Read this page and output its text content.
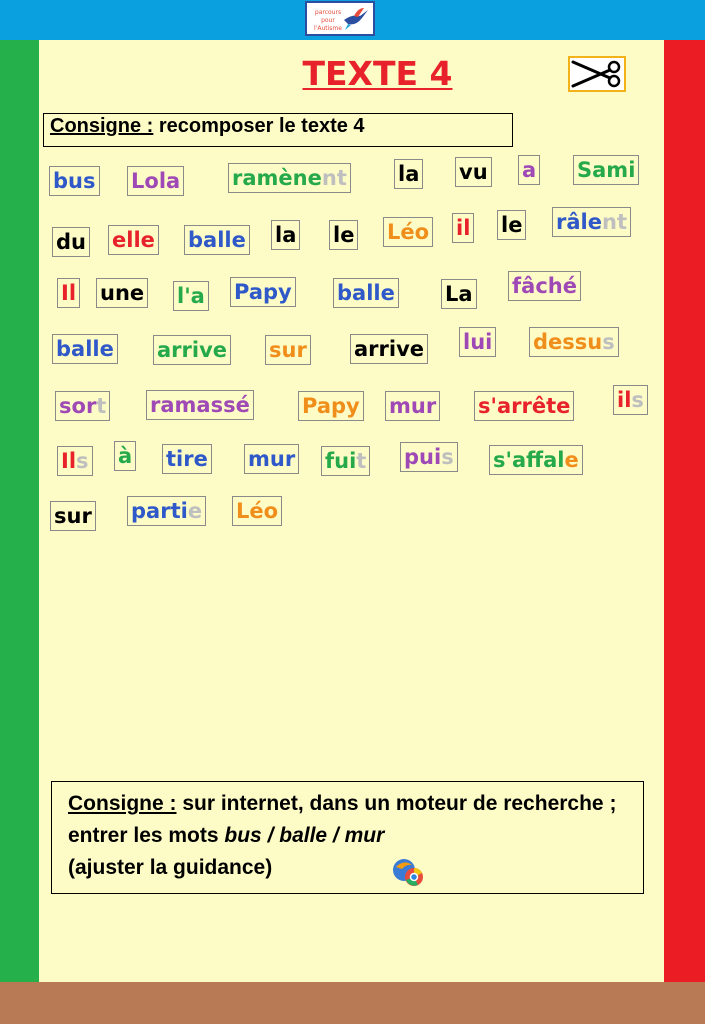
parcours pour l'Autisme
TEXTE 4
Consigne : recomposer le texte 4
bus Lola ramènent la vu a Sami
du elle balle la le Léo il le râlent
Il une l'a Papy balle La fâché
balle arrive sur arrive lui dessus
sort ramassé Papy mur s'arrête ils
Ils à tire mur fuit puis s'afale
sur partie Léo
Consigne : sur internet, dans un moteur de recherche ; entrer les mots bus / balle / mur
(ajuster la guidance)
